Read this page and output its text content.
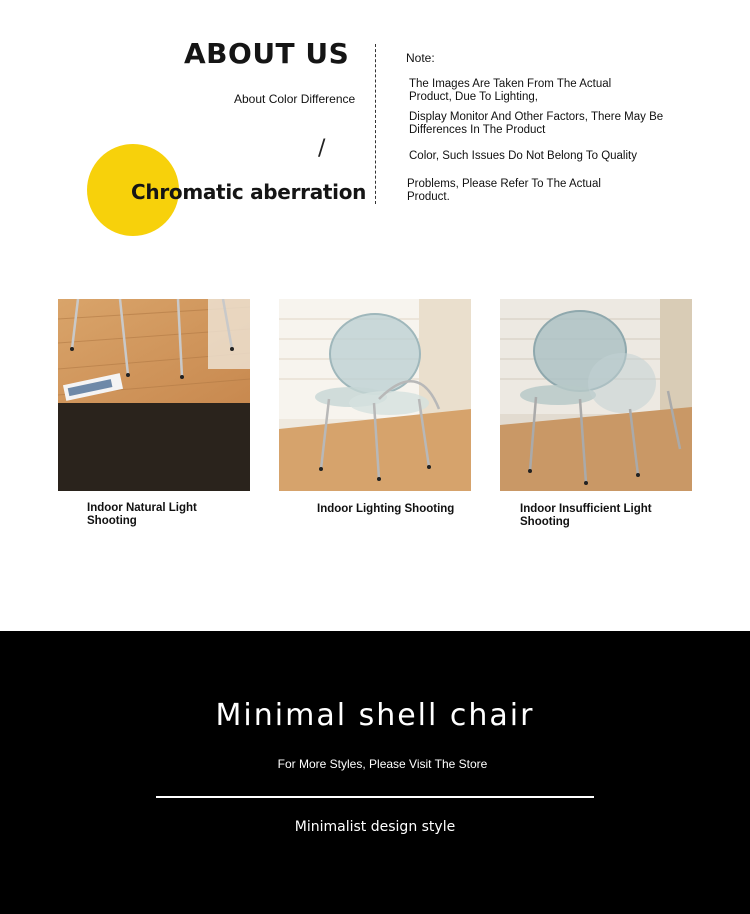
ABOUT US
About Color Difference
/
Chromatic aberration
Note:
The Images Are Taken From The Actual Product, Due To Lighting,
Display Monitor And Other Factors, There May Be Differences In The Product
Color, Such Issues Do Not Belong To Quality
Problems, Please Refer To The Actual Product.
Indoor Natural Light Shooting
Indoor Lighting Shooting	Indoor Insufficient Light Shooting
Minimal shell chair
For More Styles, Please Visit The Store
Minimalist design style
